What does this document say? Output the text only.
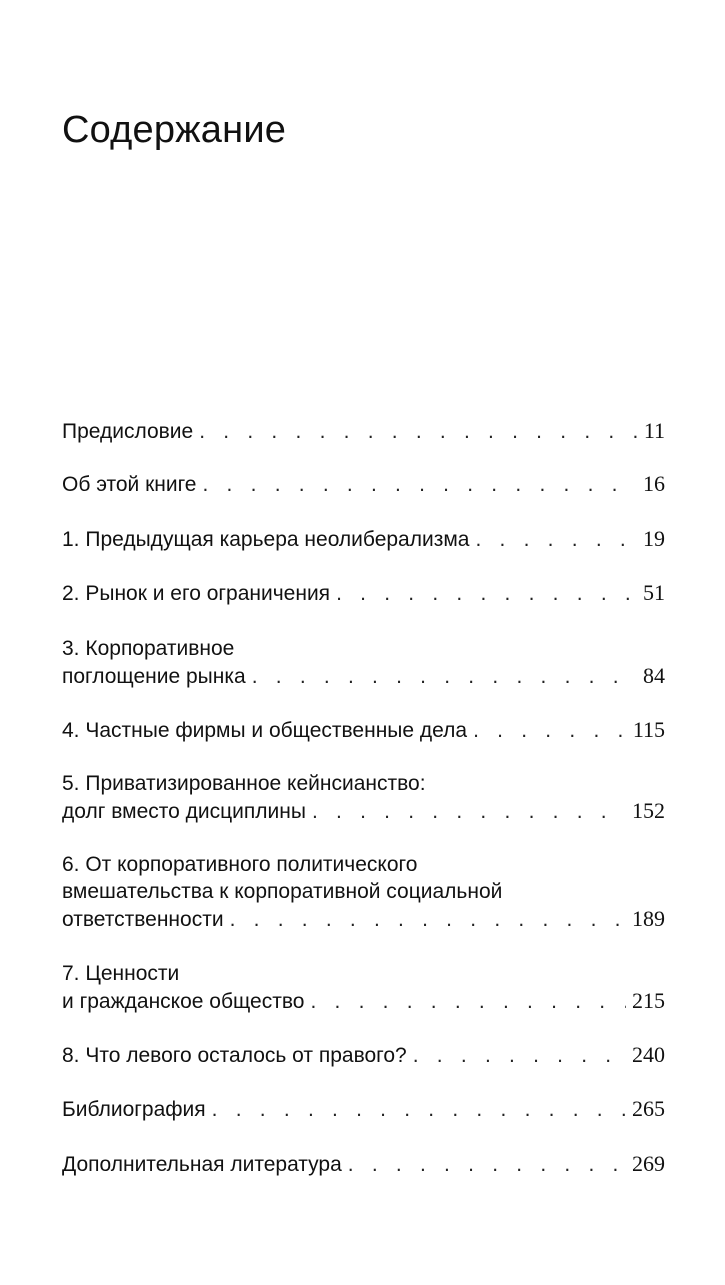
Содержание
Предисловие . . .	11
Об этой книге . . .	16
1. Предыдущая карьера неолиберализма . . .	19
2. Рынок и его ограничения . . .	51
3. Корпоративное
поглощение рынка . . .	84
4. Частные фирмы и общественные дела . . .	115
5. Приватизированное кейнсианство:
долг вместо дисциплины . . .	152
6. От корпоративного политического
вмешательства к корпоративной социальной
ответственности . . .	189
7. Ценности
и гражданское общество . . .	215
8. Что левого осталось от правого? . . .	240
Библиография . . .	265
Дополнительная литература . . .	269
